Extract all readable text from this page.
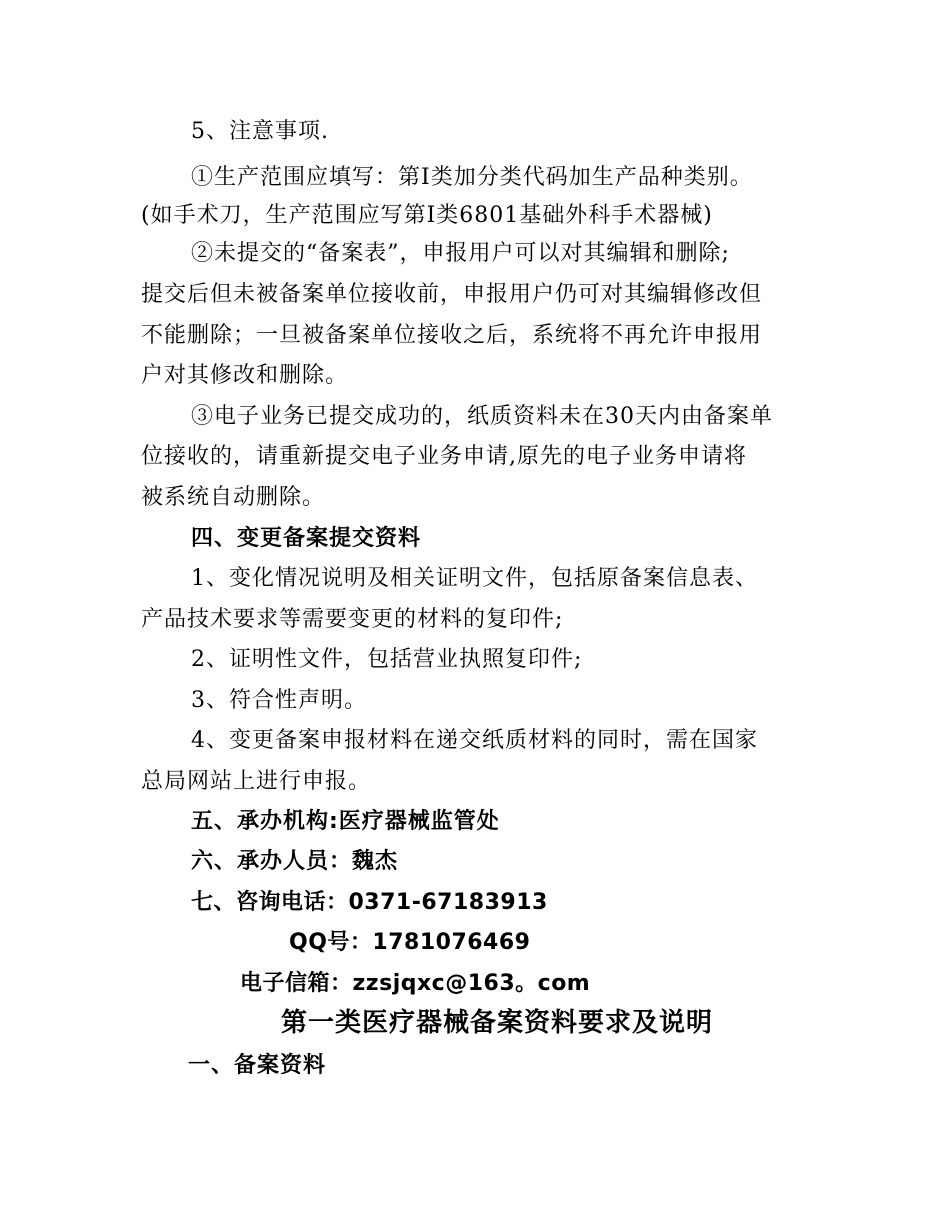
5、注意事项.
①生产范围应填写：第Ⅰ类加分类代码加生产品种类别。
(如手术刀，生产范围应写第Ⅰ类6801基础外科手术器械)
②未提交的“备案表”，申报用户可以对其编辑和删除;
提交后但未被备案单位接收前，申报用户仍可对其编辑修改但
不能删除；一旦被备案单位接收之后，系统将不再允许申报用
户对其修改和删除。
③电子业务已提交成功的，纸质资料未在30天内由备案单
位接收的，请重新提交电子业务申请,原先的电子业务申请将
被系统自动删除。
四、变更备案提交资料
1、变化情况说明及相关证明文件，包括原备案信息表、
产品技术要求等需要变更的材料的复印件;
2、证明性文件，包括营业执照复印件;
3、符合性声明。
4、变更备案申报材料在递交纸质材料的同时，需在国家
总局网站上进行申报。
五、承办机构:医疗器械监管处
六、承办人员：魏杰
七、咨询电话：0371-67183913
QQ号：1781076469
电子信箱：zzsjqxc@163。com
第一类医疗器械备案资料要求及说明
一、备案资料
